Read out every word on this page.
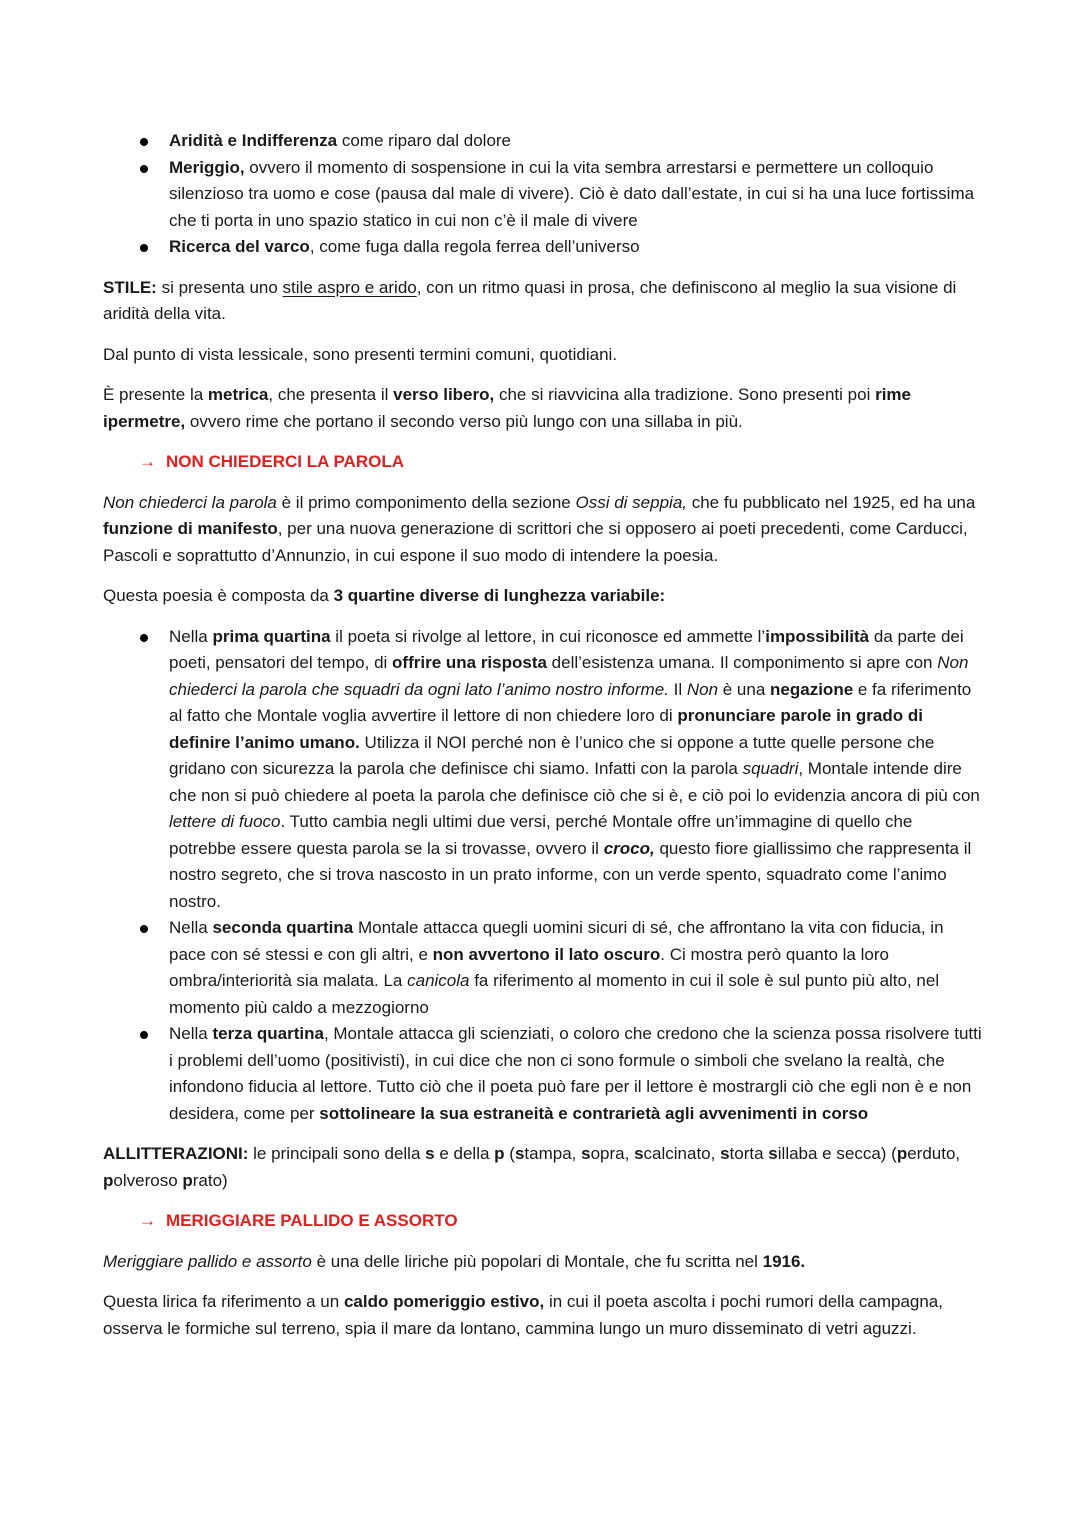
Aridità e Indifferenza come riparo dal dolore
Meriggio, ovvero il momento di sospensione in cui la vita sembra arrestarsi e permettere un colloquio silenzioso tra uomo e cose (pausa dal male di vivere). Ciò è dato dall’estate, in cui si ha una luce fortissima che ti porta in uno spazio statico in cui non c’è il male di vivere
Ricerca del varco, come fuga dalla regola ferrea dell’universo

STILE: si presenta uno stile aspro e arido, con un ritmo quasi in prosa, che definiscono al meglio la sua visione di aridità della vita.

Dal punto di vista lessicale, sono presenti termini comuni, quotidiani.

È presente la metrica, che presenta il verso libero, che si riavvicina alla tradizione. Sono presenti poi rime ipermetre, ovvero rime che portano il secondo verso più lungo con una sillaba in più.

→ NON CHIEDERCI LA PAROLA

Non chiederci la parola è il primo componimento della sezione Ossi di seppia, che fu pubblicato nel 1925, ed ha una funzione di manifesto, per una nuova generazione di scrittori che si opposero ai poeti precedenti, come Carducci, Pascoli e soprattutto d’Annunzio, in cui espone il suo modo di intendere la poesia.

Questa poesia è composta da 3 quartine diverse di lunghezza variabile:

Nella prima quartina il poeta si rivolge al lettore, in cui riconosce ed ammette l’impossibilità da parte dei poeti, pensatori del tempo, di offrire una risposta dell’esistenza umana. Il componimento si apre con Non chiederci la parola che squadri da ogni lato l’animo nostro informe. Il Non è una negazione e fa riferimento al fatto che Montale voglia avvertire il lettore di non chiedere loro di pronunciare parole in grado di definire l’animo umano. Utilizza il NOI perché non è l’unico che si oppone a tutte quelle persone che gridano con sicurezza la parola che definisce chi siamo. Infatti con la parola squadri, Montale intende dire che non si può chiedere al poeta la parola che definisce ciò che si è, e ciò poi lo evidenzia ancora di più con lettere di fuoco. Tutto cambia negli ultimi due versi, perché Montale offre un’immagine di quello che potrebbe essere questa parola se la si trovasse, ovvero il croco, questo fiore giallissimo che rappresenta il nostro segreto, che si trova nascosto in un prato informe, con un verde spento, squadrato come l’animo nostro.
Nella seconda quartina Montale attacca quegli uomini sicuri di sé, che affrontano la vita con fiducia, in pace con sé stessi e con gli altri, e non avvertono il lato oscuro. Ci mostra però quanto la loro ombra/interiorità sia malata. La canicola fa riferimento al momento in cui il sole è sul punto più alto, nel momento più caldo a mezzogiorno
Nella terza quartina, Montale attacca gli scienziati, o coloro che credono che la scienza possa risolvere tutti i problemi dell’uomo (positivisti), in cui dice che non ci sono formule o simboli che svelano la realtà, che infondono fiducia al lettore. Tutto ciò che il poeta può fare per il lettore è mostrargli ciò che egli non è e non desidera, come per sottolineare la sua estraneità e contrarietà agli avvenimenti in corso

ALLITTERAZIONI: le principali sono della s e della p (stampa, sopra, scalcinato, storta sillaba e secca) (perduto, polveroso prato)

→ MERIGGIARE PALLIDO E ASSORTO

Meriggiare pallido e assorto è una delle liriche più popolari di Montale, che fu scritta nel 1916.

Questa lirica fa riferimento a un caldo pomeriggio estivo, in cui il poeta ascolta i pochi rumori della campagna, osserva le formiche sul terreno, spia il mare da lontano, cammina lungo un muro disseminato di vetri aguzzi.
